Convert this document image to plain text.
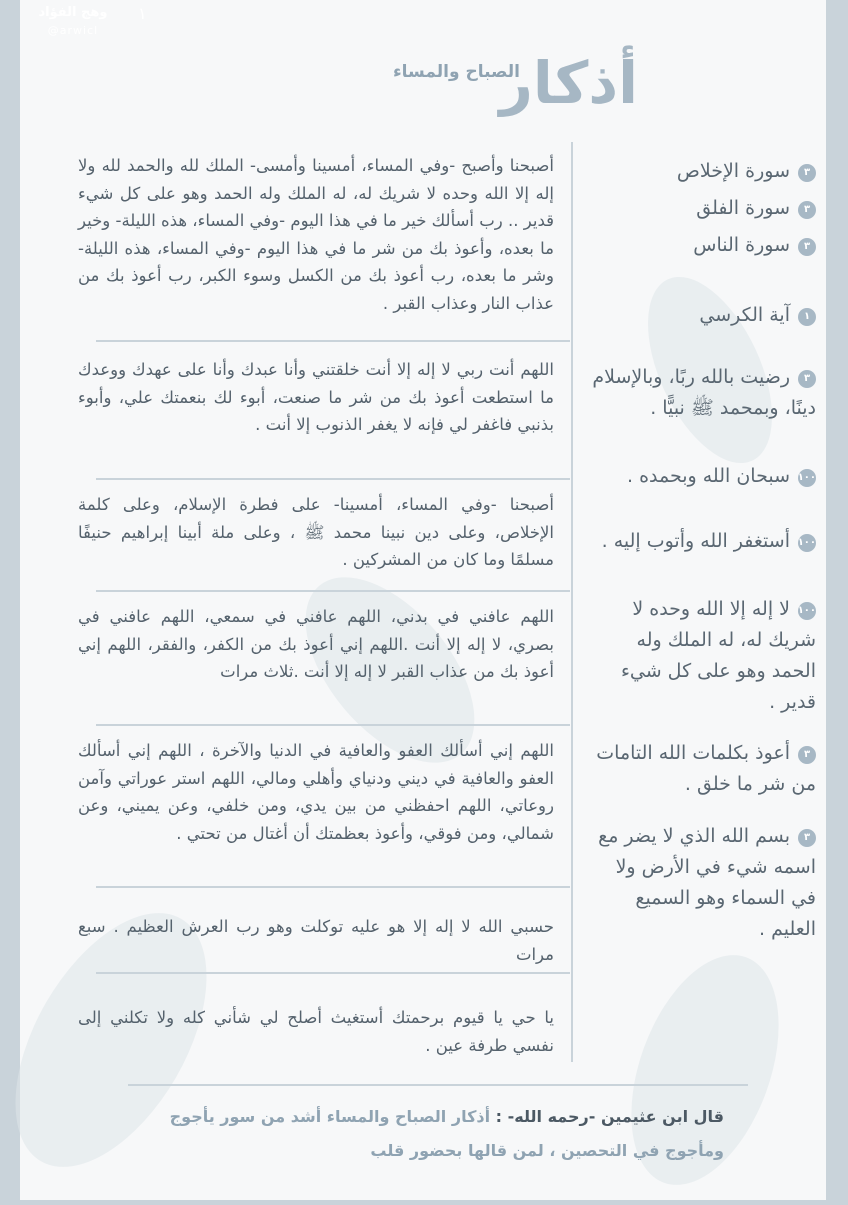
وهج الفؤاد
@arwicl
١
أذكار
الصباح والمساء
٣سورة الإخلاص
٣سورة الفلق
٣سورة الناس
١آية الكرسي
٣رضيت بالله ربًا، وبالإسلام دينًا، وبمحمد ﷺ نبيًّا .
١٠٠سبحان الله وبحمده .
١٠٠أستغفر الله وأتوب إليه .
١٠٠لا إله إلا الله وحده لا شريك له، له الملك وله الحمد وهو على كل شيء قدير .
٣أعوذ بكلمات الله التامات من شر ما خلق .
٣بسم الله الذي لا يضر مع اسمه شيء في الأرض ولا في السماء وهو السميع العليم .
أصبحنا وأصبح -وفي المساء، أمسينا وأمسى- الملك لله والحمد لله ولا إله إلا الله وحده لا شريك له، له الملك وله الحمد وهو على كل شيء قدير .. رب أسألك خير ما في هذا اليوم -وفي المساء، هذه الليلة- وخير ما بعده، وأعوذ بك من شر ما في هذا اليوم -وفي المساء، هذه الليلة- وشر ما بعده، رب أعوذ بك من الكسل وسوء الكبر، رب أعوذ بك من عذاب النار وعذاب القبر .
اللهم أنت ربي لا إله إلا أنت خلقتني وأنا عبدك وأنا على عهدك ووعدك ما استطعت أعوذ بك من شر ما صنعت، أبوء لك بنعمتك علي، وأبوء بذنبي فاغفر لي فإنه لا يغفر الذنوب إلا أنت .
أصبحنا -وفي المساء، أمسينا- على فطرة الإسلام، وعلى كلمة الإخلاص، وعلى دين نبينا محمد ﷺ ، وعلى ملة أبينا إبراهيم حنيفًا مسلمًا وما كان من المشركين .
اللهم عافني في بدني، اللهم عافني في سمعي، اللهم عافني في بصري، لا إله إلا أنت .اللهم إني أعوذ بك من الكفر، والفقر، اللهم إني أعوذ بك من عذاب القبر لا إله إلا أنت .ثلاث مرات
اللهم إني أسألك العفو والعافية في الدنيا والآخرة ، اللهم إني أسألك العفو والعافية في ديني ودنياي وأهلي ومالي، اللهم استر عوراتي وآمن روعاتي، اللهم احفظني من بين يدي، ومن خلفي، وعن يميني، وعن شمالي، ومن فوقي، وأعوذ بعظمتك أن أغتال من تحتي .
حسبي الله لا إله إلا هو عليه توكلت وهو رب العرش العظيم . سبع مرات
يا حي يا قيوم برحمتك أستغيث أصلح لي شأني كله ولا تكلني إلى نفسي طرفة عين .
قال ابن عثيمين -رحمه الله- : أذكار الصباح والمساء أشد من سور يأجوج ومأجوج في التحصين ، لمن قالها بحضور قلب
